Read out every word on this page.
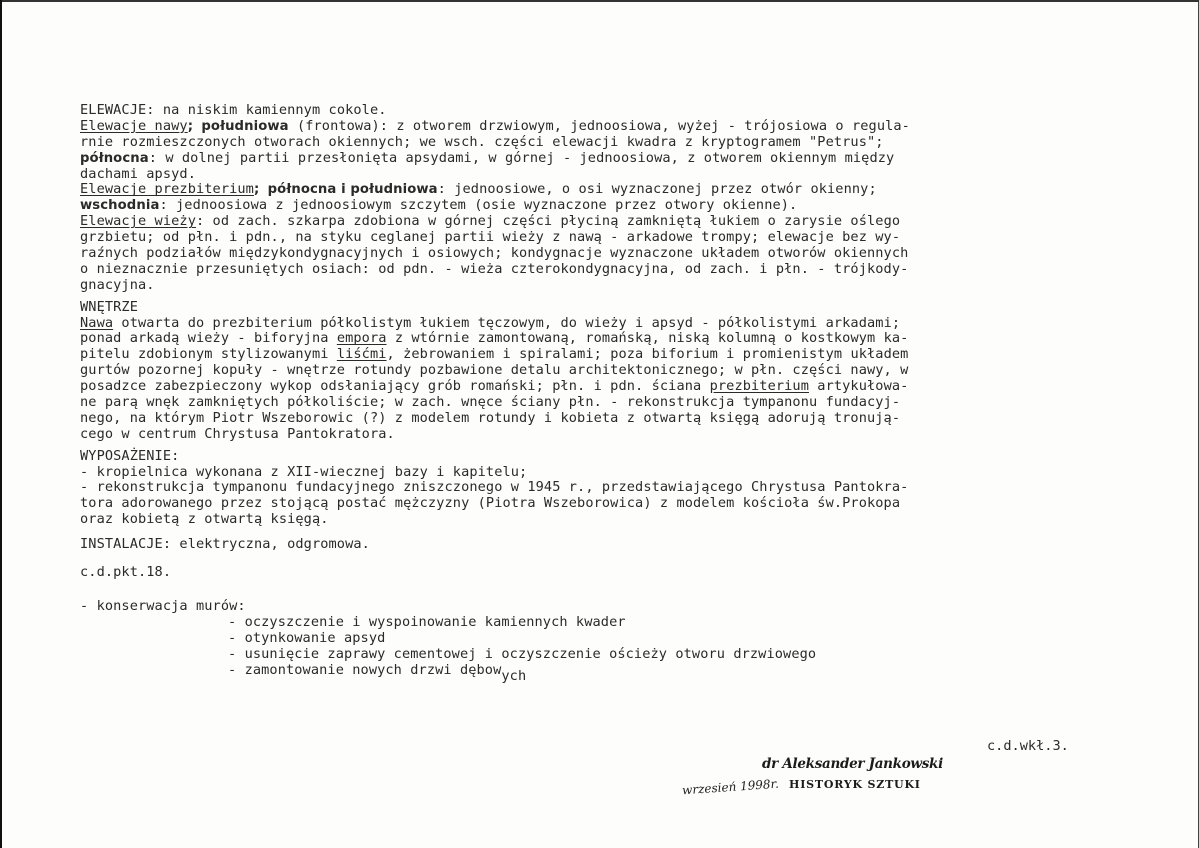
ELEWACJE: na niskim kamiennym cokole.
Elewacje nawy; południowa (frontowa): z otworem drzwiowym, jednoosiowa, wyżej - trójosiowa o regula-
rnie rozmieszczonych otworach okiennych; we wsch. części elewacji kwadra z kryptogramem "Petrus";
północna: w dolnej partii przesłonięta apsydami, w górnej - jednoosiowa, z otworem okiennym między
dachami apsyd.
Elewacje prezbiterium; północna i południowa: jednoosiowe, o osi wyznaczonej przez otwór okienny;
wschodnia: jednoosiowa z jednoosiowym szczytem (osie wyznaczone przez otwory okienne).
Elewacje wieży: od zach. szkarpa zdobiona w górnej części płyciną zamkniętą łukiem o zarysie oślego
grzbietu; od płn. i pdn., na styku ceglanej partii wieży z nawą - arkadowe trompy; elewacje bez wy-
raźnych podziałów międzykondygnacyjnych i osiowych; kondygnacje wyznaczone układem otworów okiennych
o nieznacznie przesuniętych osiach: od pdn. - wieża czterokondygnacyjna, od zach. i płn. - trójkody-
gnacyjna.
WNĘTRZE
Nawa otwarta do prezbiterium półkolistym łukiem tęczowym, do wieży i apsyd - półkolistymi arkadami;
ponad arkadą wieży - biforyjna empora z wtórnie zamontowaną, romańską, niską kolumną o kostkowym ka-
pitelu zdobionym stylizowanymi liśćmi, żebrowaniem i spiralami; poza biforium i promienistym układem
gurtów pozornej kopuły - wnętrze rotundy pozbawione detalu architektonicznego; w płn. części nawy, w
posadzce zabezpieczony wykop odsłaniający grób romański; płn. i pdn. ściana prezbiterium artykułowa-
ne parą wnęk zamkniętych półkoliście; w zach. wnęce ściany płn. - rekonstrukcja tympanonu fundacyj-
nego, na którym Piotr Wszeborowic (?) z modelem rotundy i kobieta z otwartą księgą adorują tronują-
cego w centrum Chrystusa Pantokratora.
WYPOSAŻENIE:
- kropielnica wykonana z XII-wiecznej bazy i kapitelu;
- rekonstrukcja tympanonu fundacyjnego zniszczonego w 1945 r., przedstawiającego Chrystusa Pantokra-
tora adorowanego przez stojącą postać mężczyzny (Piotra Wszeborowica) z modelem kościoła św.Prokopa
oraz kobietą z otwartą księgą.
INSTALACJE: elektryczna, odgromowa.
c.d.pkt.18.
- konserwacja murów:
- oczyszczenie i wyspoinowanie kamiennych kwader
- otynkowanie apsyd
- usunięcie zaprawy cementowej i oczyszczenie ościeży otworu drzwiowego
- zamontowanie nowych drzwi dębowych
c.d.wkł.3.
dr Aleksander Jankowski
HISTORYK SZTUKI
wrzesień 1998r.
